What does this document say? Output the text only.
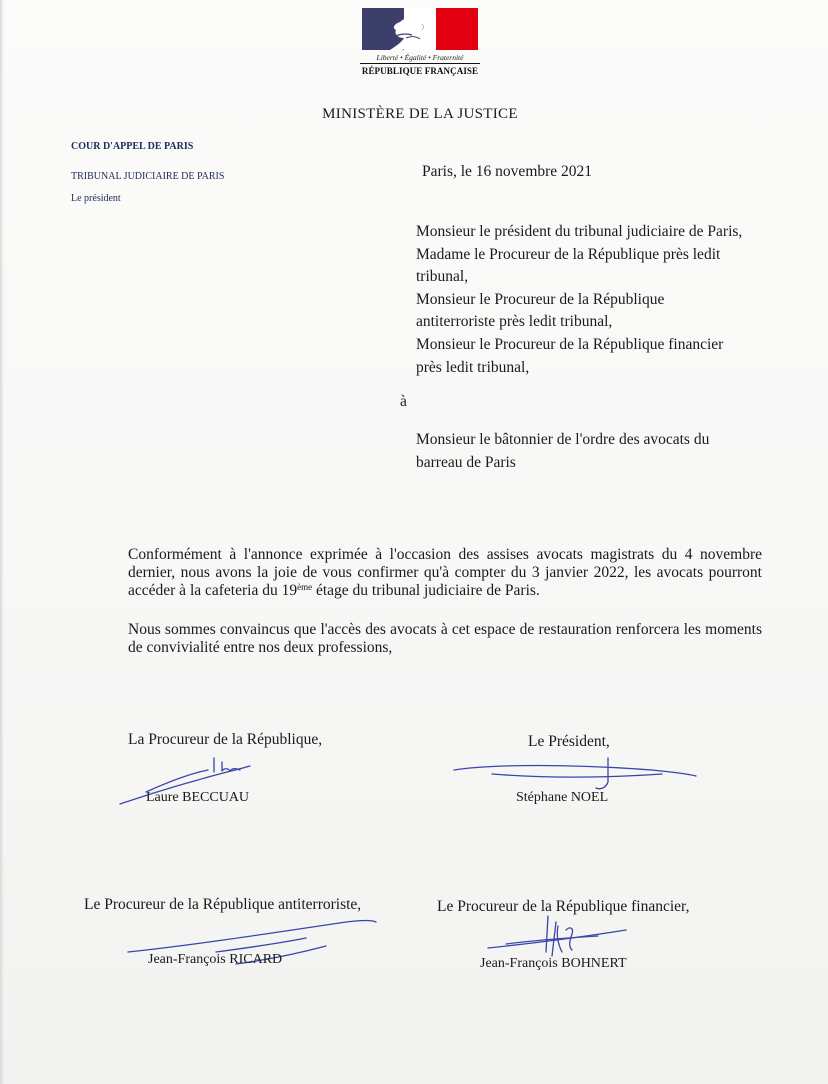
Liberté • Égalité • Fraternité
RÉPUBLIQUE FRANÇAISE
MINISTÈRE DE LA JUSTICE
COUR D'APPEL DE PARIS
TRIBUNAL JUDICIAIRE DE PARIS
Le président
Paris, le 16 novembre 2021
Monsieur le président du tribunal judiciaire de Paris,
Madame le Procureur de la République près ledit
tribunal,
Monsieur le Procureur de la République
antiterroriste près ledit tribunal,
Monsieur le Procureur de la République financier
près ledit tribunal,
à
Monsieur le bâtonnier de l'ordre des avocats du
barreau de Paris
Conformément à l'annonce exprimée à l'occasion des assises avocats magistrats du 4 novembre dernier, nous avons la joie de vous confirmer qu'à compter du 3 janvier 2022, les avocats pourront accéder à la cafeteria du 19ème étage du tribunal judiciaire de Paris.
Nous sommes convaincus que l'accès des avocats à cet espace de restauration renforcera les moments de convivialité entre nos deux professions,
La Procureur de la République,
Laure BECCUAU
Le Président,
Stéphane NOEL
Le Procureur de la République antiterroriste,
Jean-François RICARD
Le Procureur de la République financier,
Jean-François BOHNERT
